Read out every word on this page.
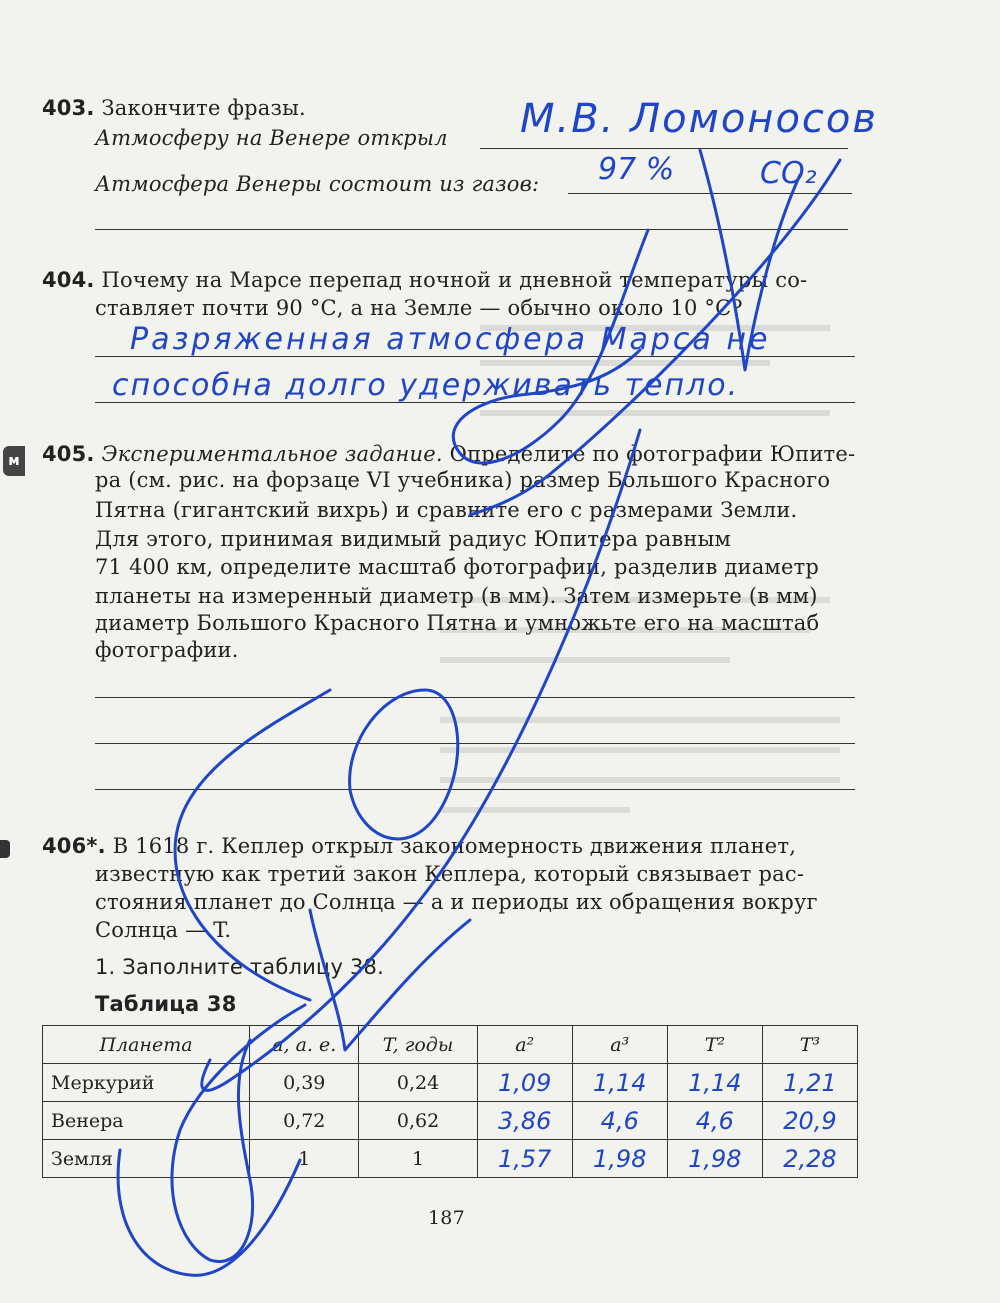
403. Закончите фразы.
Атмосферу на Венере открыл М.В. Ломоносов
Атмосфера Венеры состоит из газов: 97 %	CO₂
404. Почему на Марсе перепад ночной и дневной температуры со-
ставляет почти 90 °С, а на Земле — обычно около 10 °С?
Разряженная атмосфера Марса не
способна долго удерживать тепло.
м 405. Экспериментальное задание. Определите по фотографии Юпите-
ра (см. рис. на форзаце VI учебника) размер Большого Красного
Пятна (гигантский вихрь) и сравните его с размерами Земли.
Для этого, принимая видимый радиус Юпитера равным
71 400 км, определите масштаб фотографии, разделив диаметр
планеты на измеренный диаметр (в мм). Затем измерьте (в мм)
диаметр Большого Красного Пятна и умножьте его на масштаб
фотографии.
406*. В 1618 г. Кеплер открыл закономерность движения планет,
известную как третий закон Кеплера, который связывает рас-
стояния планет до Солнца — a и периоды их обращения вокруг
Солнца — T.
1. Заполните таблицу 38.
Таблица 38
Планета	a, а. е.	T, годы	a²	a³	T²	T³
Меркурий	0,39	0,24	1,09	1,14	1,14	1,21
Венера	0,72	0,62	3,86	4,6	4,6	20,9
Земля	1	1	1,57	1,98	1,98	2,28
187
